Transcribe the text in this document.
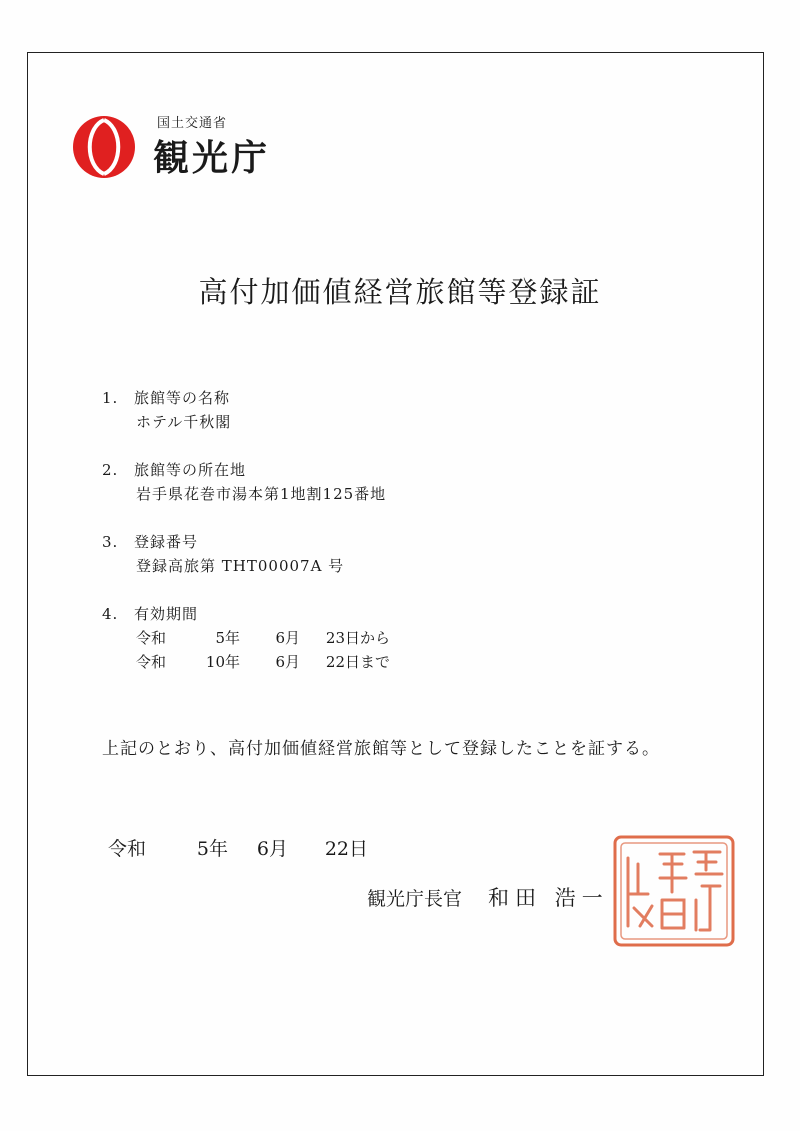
国土交通省
観光庁
高付加価値経営旅館等登録証
1. 旅館等の名称
ホテル千秋閣
2. 旅館等の所在地
岩手県花巻市湯本第1地割125番地
3. 登録番号
登録高旅第 THT00007A 号
4. 有効期間
令和	5年 6月 23日から
令和	10年 6月 22日まで
上記のとおり、高付加価値経営旅館等として登録したことを証する。
令和	5年 6月 22日
観光庁長官 和田 浩一
